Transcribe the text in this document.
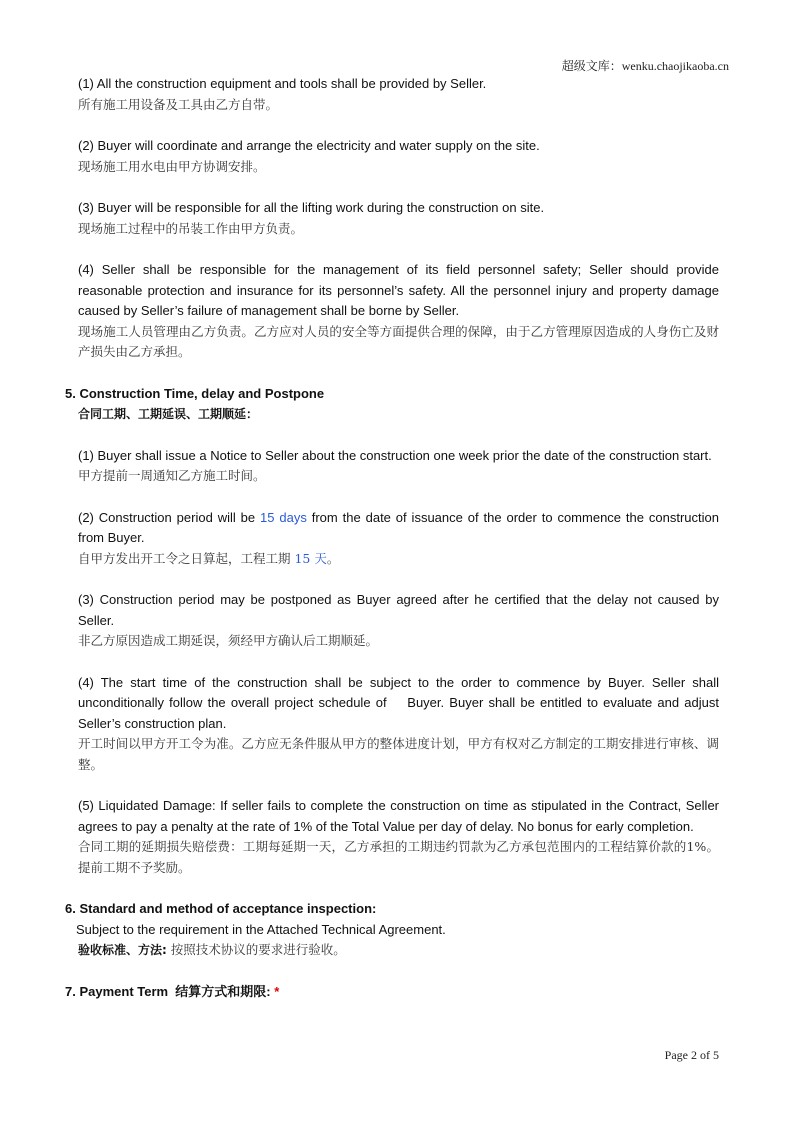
超级文库：wenku.chaojikaoba.cn

(1) All the construction equipment and tools shall be provided by Seller.

所有施工用设备及工具由乙方自带。

(2) Buyer will coordinate and arrange the electricity and water supply on the site.

现场施工用水电由甲方协调安排。

(3) Buyer will be responsible for all the lifting work during the construction on site.

现场施工过程中的吊装工作由甲方负责。

(4) Seller shall be responsible for the management of its field personnel safety; Seller should provide reasonable protection and insurance for its personnel’s safety. All the personnel injury and property damage caused by Seller’s failure of management shall be borne by Seller.

现场施工人员管理由乙方负责。乙方应对人员的安全等方面提供合理的保障，由于乙方管理原因造成的人身伤亡及财产损失由乙方承担。

5. Construction Time, delay and Postpone

合同工期、工期延误、工期顺延：

(1) Buyer shall issue a Notice to Seller about the construction one week prior the date of the construction start.

甲方提前一周通知乙方施工时间。

(2) Construction period will be 15 days from the date of issuance of the order to commence the construction from Buyer.

自甲方发出开工令之日算起，工程工期 15 天。

(3) Construction period may be postponed as Buyer agreed after he certified that the delay not caused by Seller.

非乙方原因造成工期延误，须经甲方确认后工期顺延。

(4) The start time of the construction shall be subject to the order to commence by Buyer. Seller shall unconditionally follow the overall project schedule of    Buyer. Buyer shall be entitled to evaluate and adjust Seller’s construction plan.

开工时间以甲方开工令为准。乙方应无条件服从甲方的整体进度计划，甲方有权对乙方制定的工期安排进行审核、调整。

(5) Liquidated Damage: If seller fails to complete the construction on time as stipulated in the Contract, Seller agrees to pay a penalty at the rate of 1% of the Total Value per day of delay. No bonus for early completion.

合同工期的延期损失赔偿费：工期每延期一天，乙方承担的工期违约罚款为乙方承包范围内的工程结算价款的1%。提前工期不予奖励。

6. Standard and method of acceptance inspection:

Subject to the requirement in the Attached Technical Agreement.

验收标准、方法: 按照技术协议的要求进行验收。

7. Payment Term  结算方式和期限: *

Page 2 of 5
